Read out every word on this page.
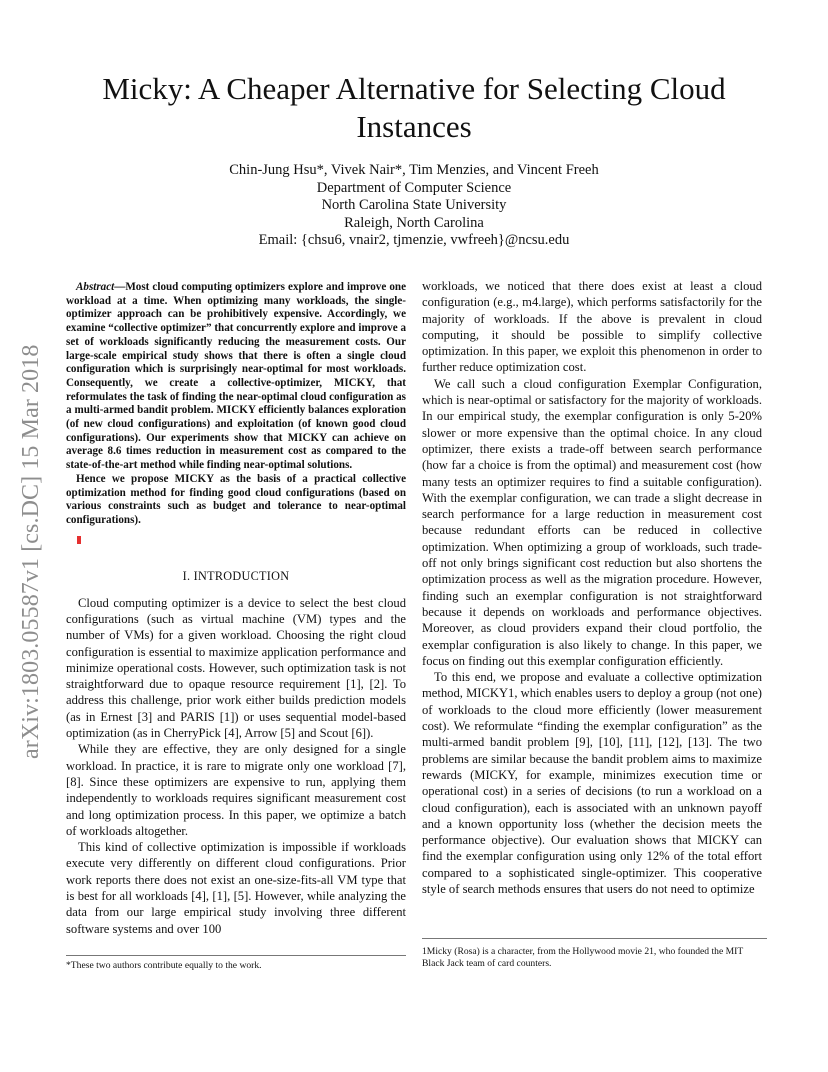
arXiv:1803.05587v1 [cs.DC] 15 Mar 2018
Micky: A Cheaper Alternative for Selecting Cloud Instances
Chin-Jung Hsu*, Vivek Nair*, Tim Menzies, and Vincent Freeh
Department of Computer Science
North Carolina State University
Raleigh, North Carolina
Email: {chsu6, vnair2, tjmenzie, vwfreeh}@ncsu.edu

Abstract—Most cloud computing optimizers explore and improve one workload at a time. When optimizing many workloads, the single-optimizer approach can be prohibitively expensive. Accordingly, we examine “collective optimizer” that concurrently explore and improve a set of workloads significantly reducing the measurement costs. Our large-scale empirical study shows that there is often a single cloud configuration which is surprisingly near-optimal for most workloads. Consequently, we create a collective-optimizer, MICKY, that reformulates the task of finding the near-optimal cloud configuration as a multi-armed bandit problem. MICKY efficiently balances exploration (of new cloud configurations) and exploitation (of known good cloud configurations). Our experiments show that MICKY can achieve on average 8.6 times reduction in measurement cost as compared to the state-of-the-art method while finding near-optimal solutions.

Hence we propose MICKY as the basis of a practical collective optimization method for finding good cloud configurations (based on various constraints such as budget and tolerance to near-optimal configurations).

I. INTRODUCTION

Cloud computing optimizer is a device to select the best cloud configurations (such as virtual machine (VM) types and the number of VMs) for a given workload. Choosing the right cloud configuration is essential to maximize application performance and minimize operational costs. However, such optimization task is not straightforward due to opaque resource requirement [1], [2]. To address this challenge, prior work either builds prediction models (as in Ernest [3] and PARIS [1]) or uses sequential model-based optimization (as in CherryPick [4], Arrow [5] and Scout [6]).

While they are effective, they are only designed for a single workload. In practice, it is rare to migrate only one workload [7], [8]. Since these optimizers are expensive to run, applying them independently to workloads requires significant measurement cost and long optimization process. In this paper, we optimize a batch of workloads altogether.

This kind of collective optimization is impossible if workloads execute very differently on different cloud configurations. Prior work reports there does not exist an one-size-fits-all VM type that is best for all workloads [4], [1], [5]. However, while analyzing the data from our large empirical study involving three different software systems and over 100

workloads, we noticed that there does exist at least a cloud configuration (e.g., m4.large), which performs satisfactorily for the majority of workloads. If the above is prevalent in cloud computing, it should be possible to simplify collective optimization. In this paper, we exploit this phenomenon in order to further reduce optimization cost.

We call such a cloud configuration Exemplar Configuration, which is near-optimal or satisfactory for the majority of workloads. In our empirical study, the exemplar configuration is only 5-20% slower or more expensive than the optimal choice. In any cloud optimizer, there exists a trade-off between search performance (how far a choice is from the optimal) and measurement cost (how many tests an optimizer requires to find a suitable configuration). With the exemplar configuration, we can trade a slight decrease in search performance for a large reduction in measurement cost because redundant efforts can be reduced in collective optimization. When optimizing a group of workloads, such trade-off not only brings significant cost reduction but also shortens the optimization process as well as the migration procedure. However, finding such an exemplar configuration is not straightforward because it depends on workloads and performance objectives. Moreover, as cloud providers expand their cloud portfolio, the exemplar configuration is also likely to change. In this paper, we focus on finding out this exemplar configuration efficiently.

To this end, we propose and evaluate a collective optimization method, MICKY1, which enables users to deploy a group (not one) of workloads to the cloud more efficiently (lower measurement cost). We reformulate “finding the exemplar configuration” as the multi-armed bandit problem [9], [10], [11], [12], [13]. The two problems are similar because the bandit problem aims to maximize rewards (MICKY, for example, minimizes execution time or operational cost) in a series of decisions (to run a workload on a cloud configuration), each is associated with an unknown payoff and a known opportunity loss (whether the decision meets the performance objective). Our evaluation shows that MICKY can find the exemplar configuration using only 12% of the total effort compared to a sophisticated single-optimizer. This cooperative style of search methods ensures that users do not need to optimize

*These two authors contribute equally to the work.
1Micky (Rosa) is a character, from the Hollywood movie 21, who founded the MIT Black Jack team of card counters.
